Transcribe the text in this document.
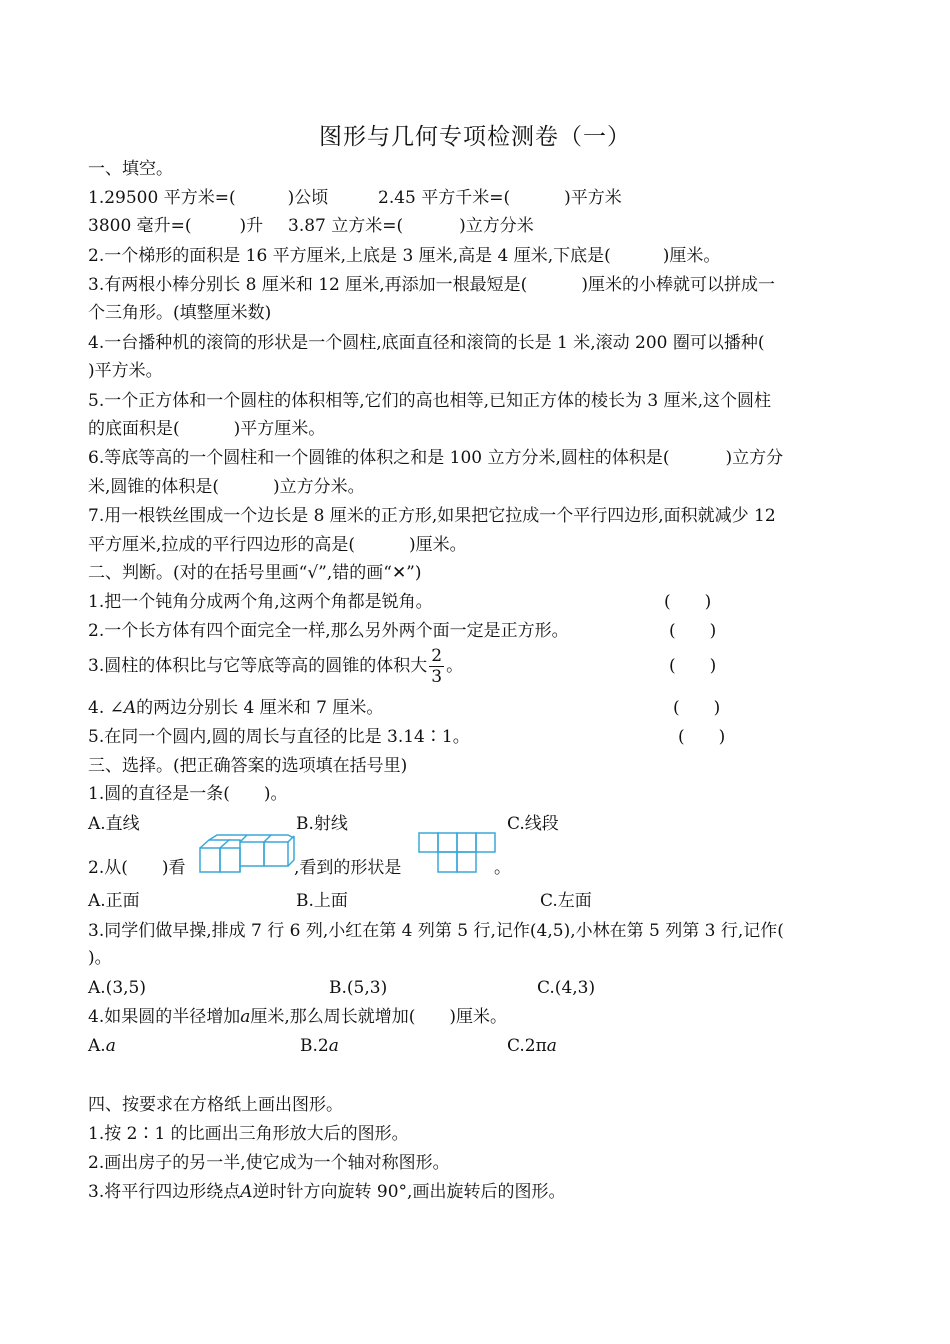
图形与几何专项检测卷（一）
一、填空。
1.29500 平方米=(	)公顷	2.45 平方千米=(	)平方米
3800 毫升=(	)升 3.87 立方米=(	)立方分米
2.一个梯形的面积是 16 平方厘米,上底是 3 厘米,高是 4 厘米,下底是(	)厘米。
3.有两根小棒分别长 8 厘米和 12 厘米,再添加一根最短是(	)厘米的小棒就可以拼成一
个三角形。(填整厘米数)
4.一台播种机的滚筒的形状是一个圆柱,底面直径和滚筒的长是 1 米,滚动 200 圈可以播种(
)平方米。
5.一个正方体和一个圆柱的体积相等,它们的高也相等,已知正方体的棱长为 3 厘米,这个圆柱
的底面积是(	)平方厘米。
6.等底等高的一个圆柱和一个圆锥的体积之和是 100 立方分米,圆柱的体积是(	)立方分
米,圆锥的体积是(	)立方分米。
7.用一根铁丝围成一个边长是 8 厘米的正方形,如果把它拉成一个平行四边形,面积就减少 12
平方厘米,拉成的平行四边形的高是(	)厘米。
二、判断。(对的在括号里画“√”,错的画“✕”)
1.把一个钝角分成两个角,这两个角都是锐角。	(　　)
2.一个长方体有四个面完全一样,那么另外两个面一定是正方形。	(　　)
3.圆柱的体积比与它等底等高的圆锥的体积大 $\frac{2}{3}$ 。	(　　)
4. ∠A的两边分别长 4 厘米和 7 厘米。	(　　)
5.在同一个圆内,圆的周长与直径的比是 3.14∶1。	(　　)
三、选择。(把正确答案的选项填在括号里)
1.圆的直径是一条(　　)。
A.直线	B.射线	C.线段
2.从(　　)看	,看到的形状是	。
A.正面	B.上面	C.左面
3.同学们做早操,排成 7 行 6 列,小红在第 4 列第 5 行,记作(4,5),小林在第 5 列第 3 行,记作(
)。
A.(3,5)	B.(5,3)	C.(4,3)
4.如果圆的半径增加a厘米,那么周长就增加(　　)厘米。
A.a	B.2a	C.2πa
四、按要求在方格纸上画出图形。
1.按 2∶1 的比画出三角形放大后的图形。
2.画出房子的另一半,使它成为一个轴对称图形。
3.将平行四边形绕点A逆时针方向旋转 90°,画出旋转后的图形。
